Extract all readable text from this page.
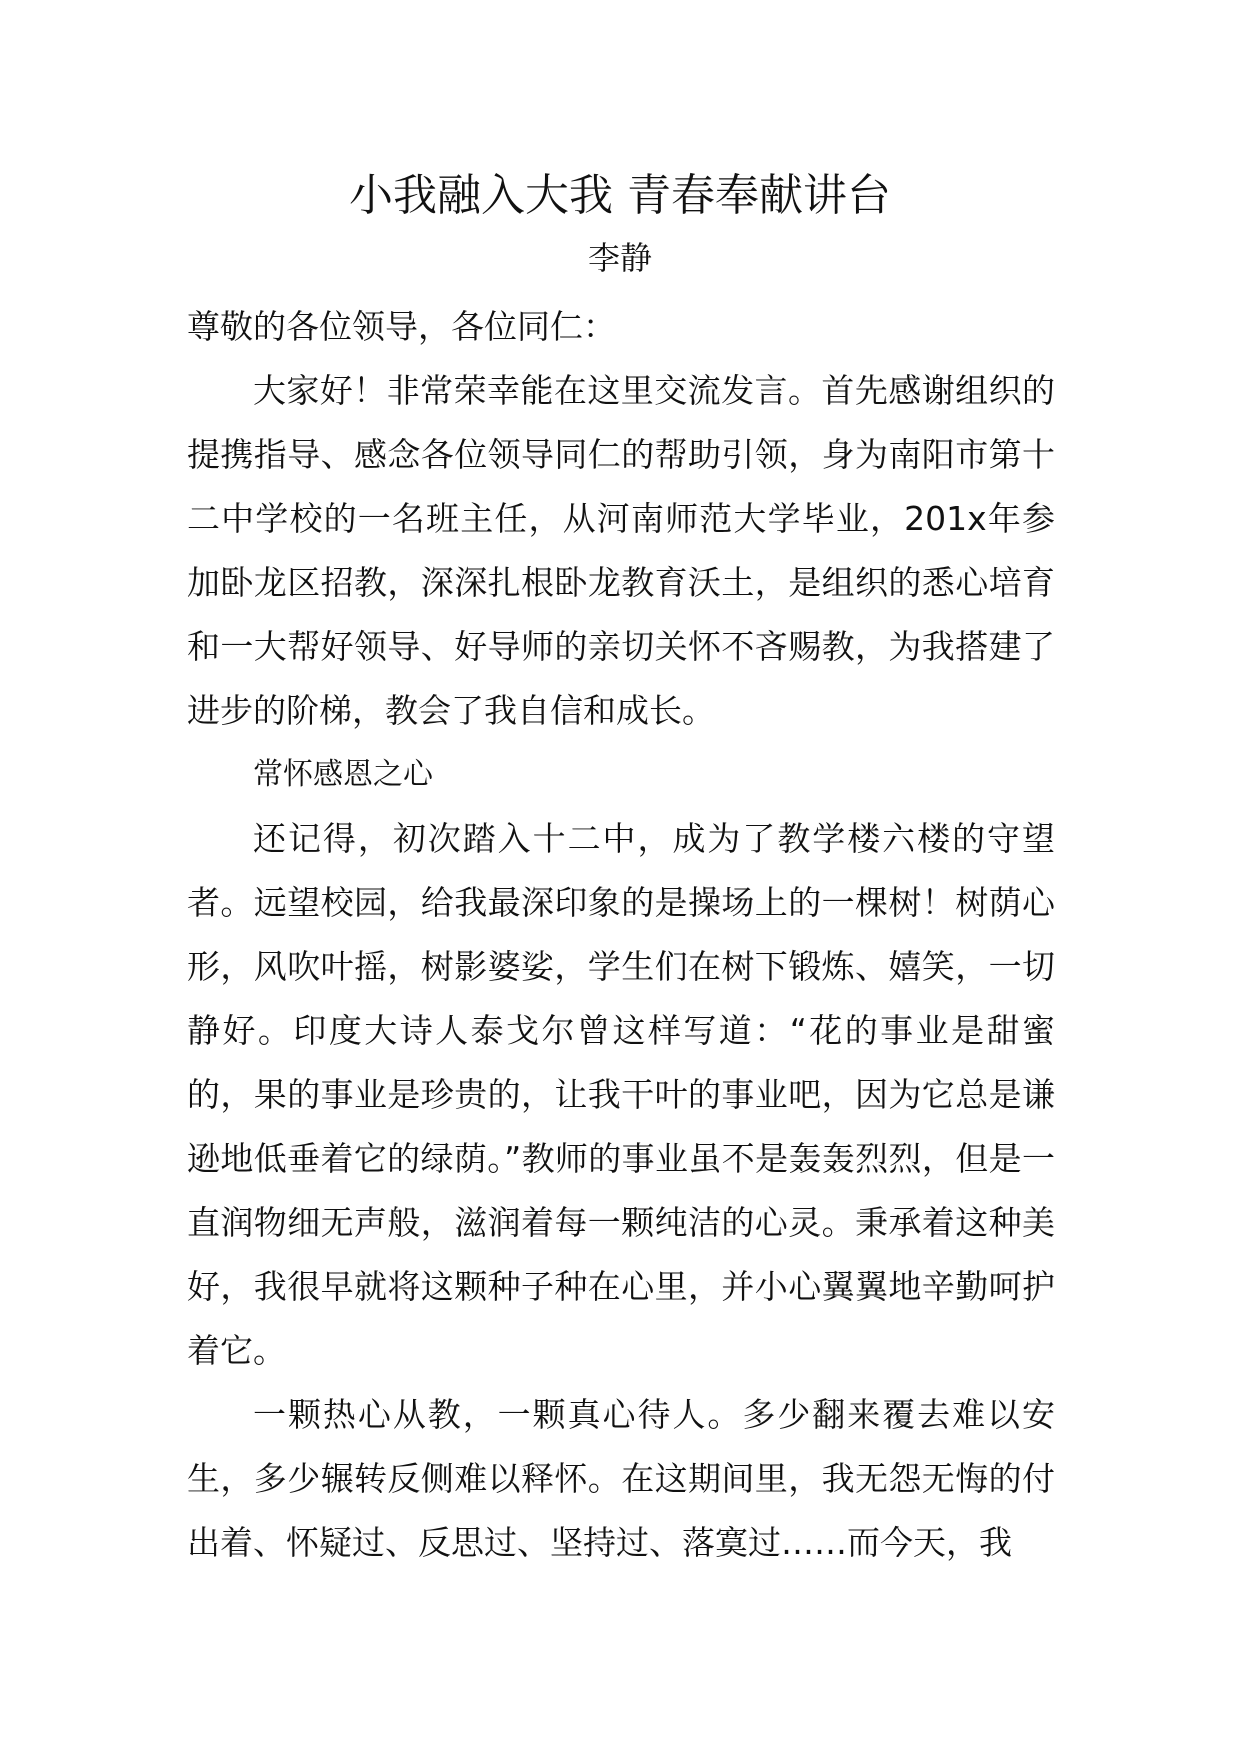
小我融入大我 青春奉献讲台
李静

尊敬的各位领导，各位同仁：

大家好！非常荣幸能在这里交流发言。首先感谢组织的提携指导、感念各位领导同仁的帮助引领，身为南阳市第十二中学校的一名班主任，从河南师范大学毕业，201x年参加卧龙区招教，深深扎根卧龙教育沃土，是组织的悉心培育和一大帮好领导、好导师的亲切关怀不吝赐教，为我搭建了进步的阶梯，教会了我自信和成长。

常怀感恩之心

还记得，初次踏入十二中，成为了教学楼六楼的守望者。远望校园，给我最深印象的是操场上的一棵树！树荫心形，风吹叶摇，树影婆娑，学生们在树下锻炼、嬉笑，一切静好。印度大诗人泰戈尔曾这样写道：“花的事业是甜蜜的，果的事业是珍贵的，让我干叶的事业吧，因为它总是谦逊地低垂着它的绿荫。”教师的事业虽不是轰轰烈烈，但是一直润物细无声般，滋润着每一颗纯洁的心灵。秉承着这种美好，我很早就将这颗种子种在心里，并小心翼翼地辛勤呵护着它。

一颗热心从教，一颗真心待人。多少翻来覆去难以安生，多少辗转反侧难以释怀。在这期间里，我无怨无悔的付出着、怀疑过、反思过、坚持过、落寞过……而今天，我
